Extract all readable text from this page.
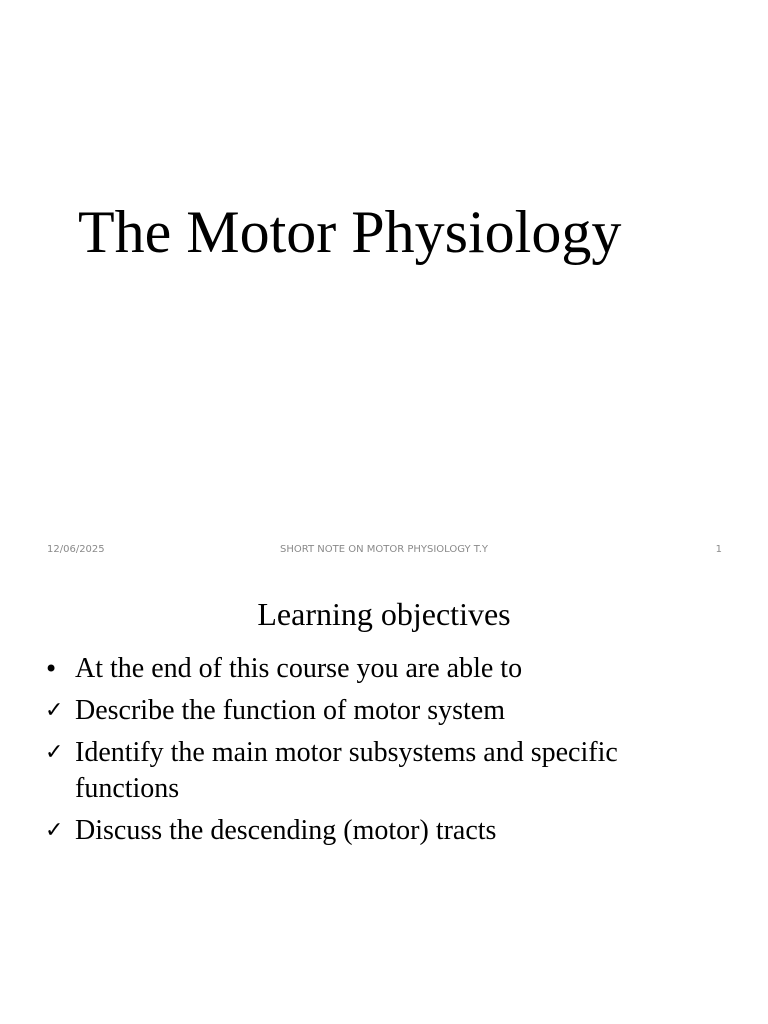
The Motor Physiology
12/06/2025	SHORT NOTE ON MOTOR PHYSIOLOGY T.Y	1
Learning objectives
• At the end of this course you are able to
✓ Describe the function of motor system
✓ Identify the main motor subsystems and specific functions
✓ Discuss the descending (motor) tracts
